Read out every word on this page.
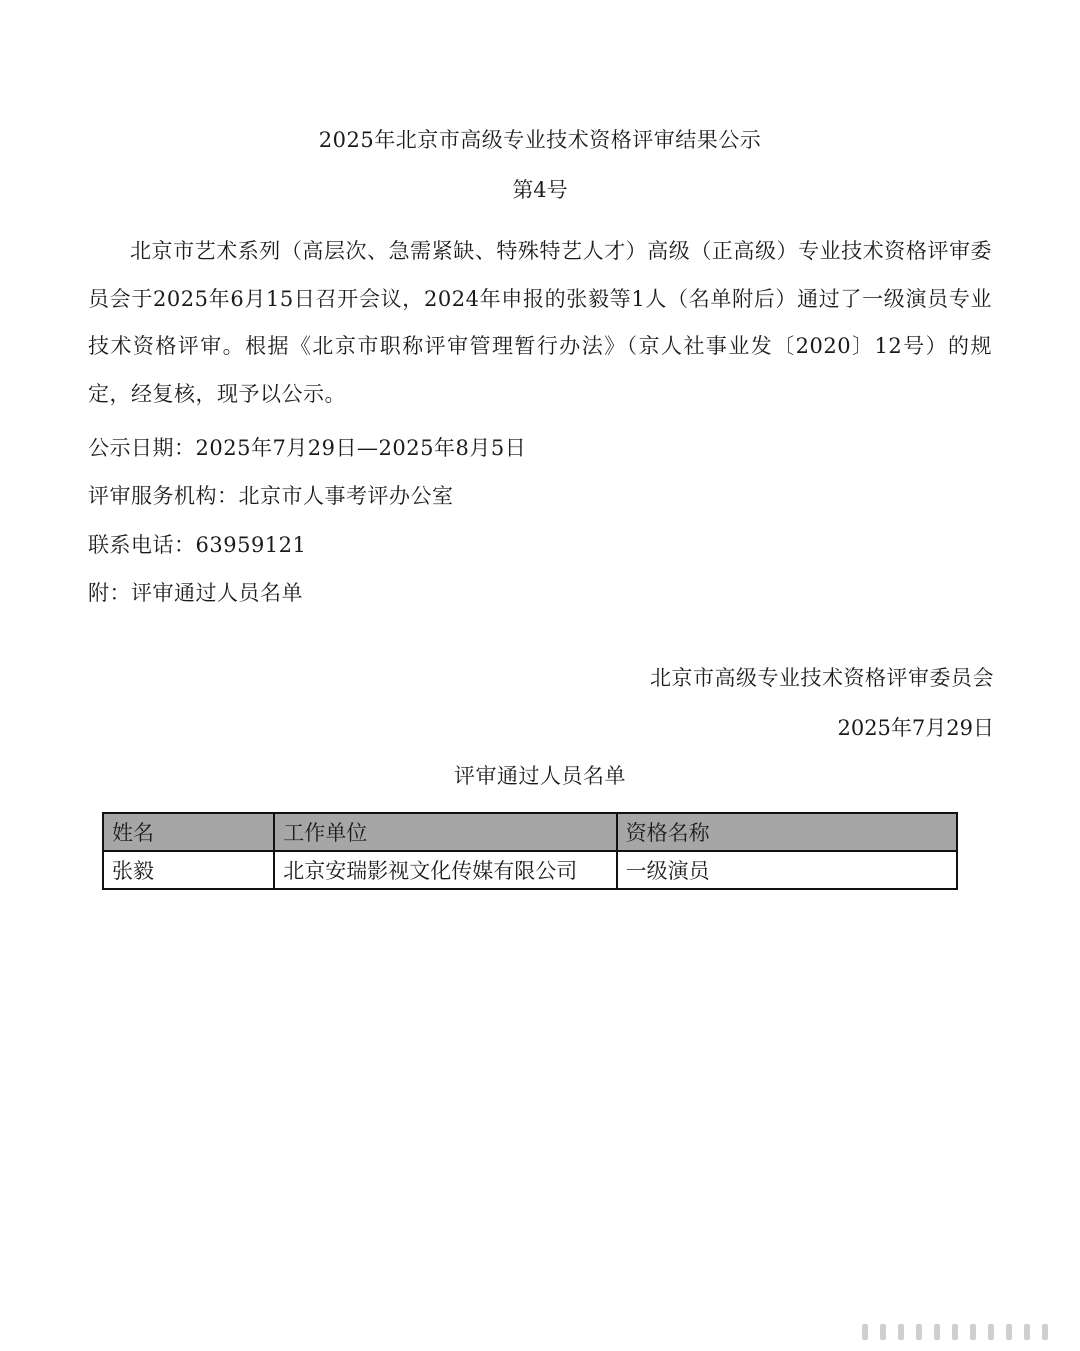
2025年北京市高级专业技术资格评审结果公示
第4号
北京市艺术系列（高层次、急需紧缺、特殊特艺人才）高级（正高级）专业技术资格评审委员会于2025年6月15日召开会议，2024年申报的张毅等1人（名单附后）通过了一级演员专业技术资格评审。根据《北京市职称评审管理暂行办法》（京人社事业发〔2020〕12号）的规定，经复核，现予以公示。
公示日期：2025年7月29日—2025年8月5日
评审服务机构：北京市人事考评办公室
联系电话：63959121
附：评审通过人员名单
北京市高级专业技术资格评审委员会
2025年7月29日
评审通过人员名单
姓名	工作单位	资格名称
张毅	北京安瑞影视文化传媒有限公司	一级演员
